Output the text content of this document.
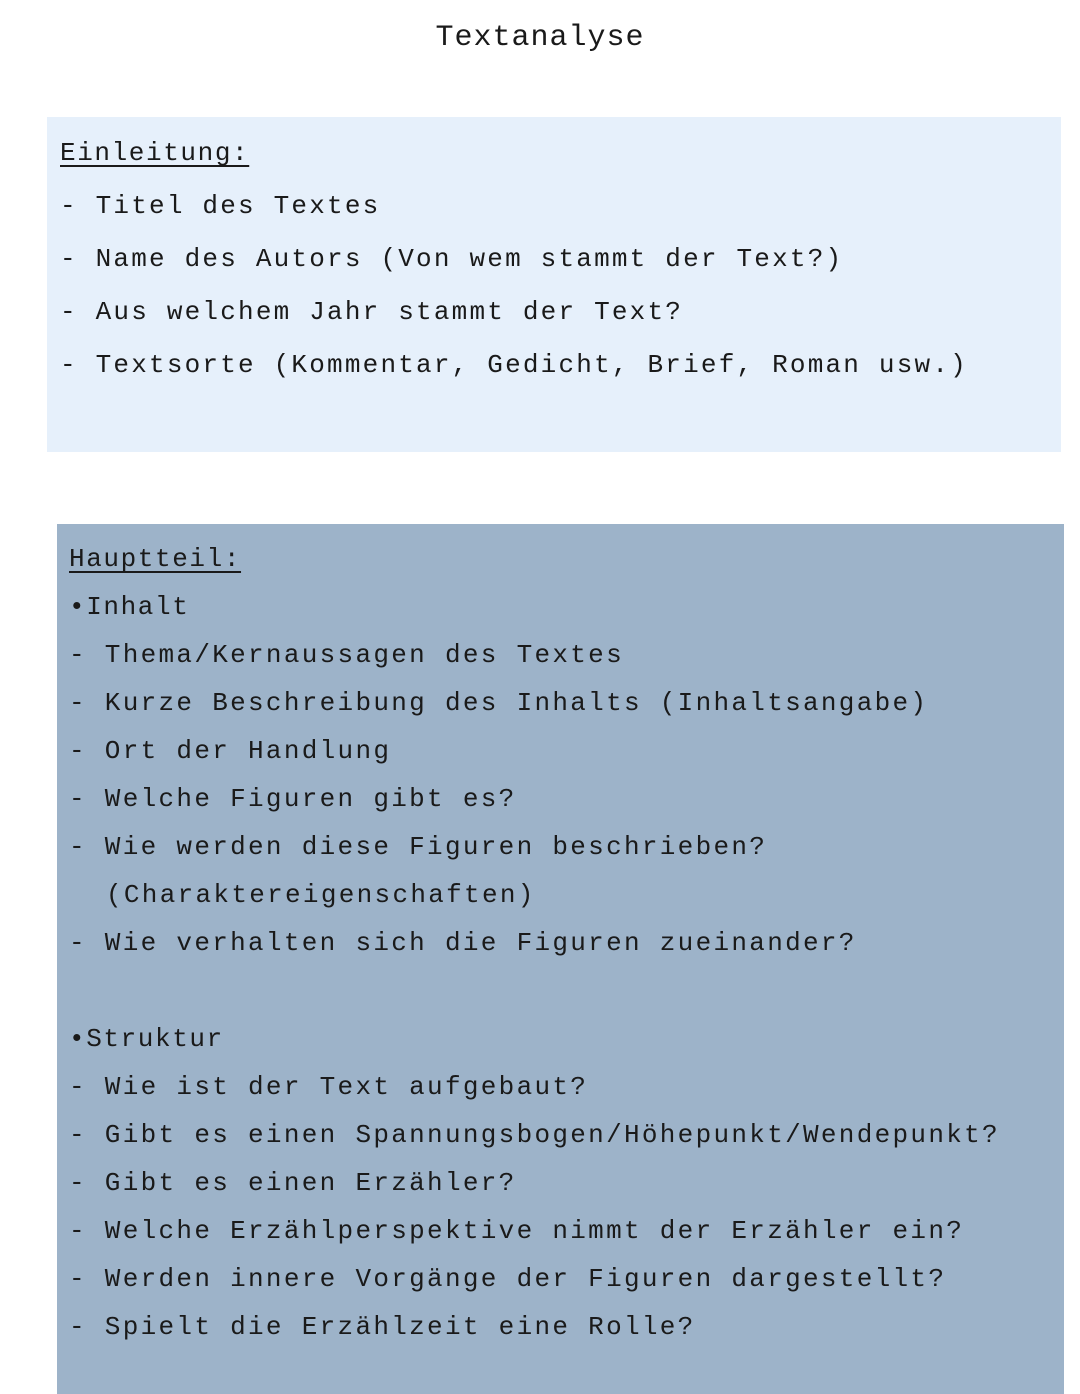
Textanalyse
Einleitung:
- Titel des Textes
- Name des Autors (Von wem stammt der Text?)
- Aus welchem Jahr stammt der Text?
- Textsorte (Kommentar, Gedicht, Brief, Roman usw.)
Hauptteil:
•Inhalt
- Thema/Kernaussagen des Textes
- Kurze Beschreibung des Inhalts (Inhaltsangabe)
- Ort der Handlung
- Welche Figuren gibt es?
- Wie werden diese Figuren beschrieben?
(Charaktereigenschaften)
- Wie verhalten sich die Figuren zueinander?
•Struktur
- Wie ist der Text aufgebaut?
- Gibt es einen Spannungsbogen/Höhepunkt/Wendepunkt?
- Gibt es einen Erzähler?
- Welche Erzählperspektive nimmt der Erzähler ein?
- Werden innere Vorgänge der Figuren dargestellt?
- Spielt die Erzählzeit eine Rolle?
